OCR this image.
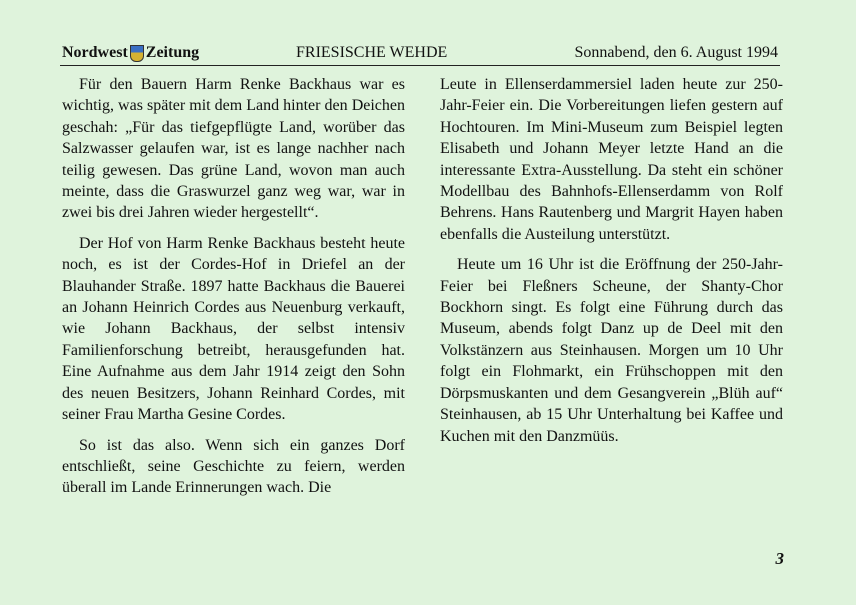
Nordwest Zeitung	FRIESISCHE WEHDE	Sonnabend, den 6. August 1994

Für den Bauern Harm Renke Backhaus war es wichtig, was später mit dem Land hinter den Deichen geschah: „Für das tiefgepflügte Land, worüber das Salzwasser gelaufen war, ist es lange nachher nach teilig gewesen. Das grüne Land, wovon man auch meinte, dass die Graswurzel ganz weg war, war in zwei bis drei Jahren wieder hergestellt“.

Der Hof von Harm Renke Backhaus besteht heute noch, es ist der Cordes-Hof in Driefel an der Blauhander Straße. 1897 hatte Backhaus die Bauerei an Johann Heinrich Cordes aus Neuenburg verkauft, wie Johann Backhaus, der selbst intensiv Familienforschung betreibt, herausgefunden hat. Eine Aufnahme aus dem Jahr 1914 zeigt den Sohn des neuen Besitzers, Johann Reinhard Cordes, mit seiner Frau Martha Gesine Cordes.

So ist das also. Wenn sich ein ganzes Dorf entschließt, seine Geschichte zu feiern, werden überall im Lande Erinnerungen wach. Die

Leute in Ellenserdammersiel laden heute zur 250-Jahr-Feier ein. Die Vorbereitungen liefen gestern auf Hochtouren. Im Mini-Museum zum Beispiel legten Elisabeth und Johann Meyer letzte Hand an die interessante Extra-Ausstellung. Da steht ein schöner Modellbau des Bahnhofs-Ellenserdamm von Rolf Behrens. Hans Rautenberg und Margrit Hayen haben ebenfalls die Austeilung unterstützt.

Heute um 16 Uhr ist die Eröffnung der 250-Jahr-Feier bei Fleßners Scheune, der Shanty-Chor Bockhorn singt. Es folgt eine Führung durch das Museum, abends folgt Danz up de Deel mit den Volkstänzern aus Steinhausen. Morgen um 10 Uhr folgt ein Flohmarkt, ein Frühschoppen mit den Dörpsmuskanten und dem Gesangverein „Blüh auf“ Steinhausen, ab 15 Uhr Unterhaltung bei Kaffee und Kuchen mit den Danzmüüs.

3
